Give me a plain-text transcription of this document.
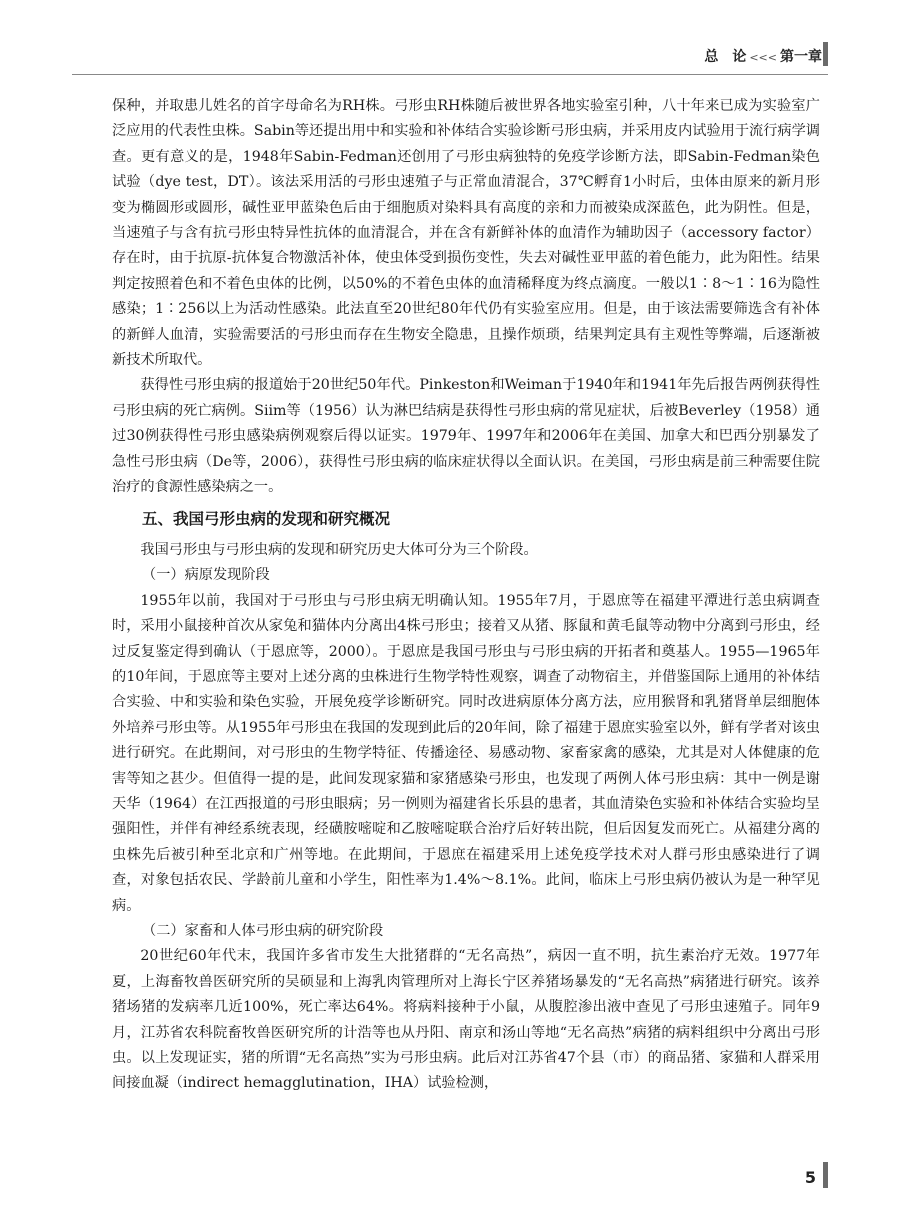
总　论 <<< 第一章

保种，并取患儿姓名的首字母命名为RH株。弓形虫RH株随后被世界各地实验室引种，八十年来已成为实验室广泛应用的代表性虫株。Sabin等还提出用中和实验和补体结合实验诊断弓形虫病，并采用皮内试验用于流行病学调查。更有意义的是，1948年Sabin-Fedman还创用了弓形虫病独特的免疫学诊断方法，即Sabin-Fedman染色试验（dye test，DT）。该法采用活的弓形虫速殖子与正常血清混合，37℃孵育1小时后，虫体由原来的新月形变为椭圆形或圆形，碱性亚甲蓝染色后由于细胞质对染料具有高度的亲和力而被染成深蓝色，此为阴性。但是，当速殖子与含有抗弓形虫特异性抗体的血清混合，并在含有新鲜补体的血清作为辅助因子（accessory factor）存在时，由于抗原-抗体复合物激活补体，使虫体受到损伤变性，失去对碱性亚甲蓝的着色能力，此为阳性。结果判定按照着色和不着色虫体的比例，以50%的不着色虫体的血清稀释度为终点滴度。一般以1∶8～1∶16为隐性感染；1∶256以上为活动性感染。此法直至20世纪80年代仍有实验室应用。但是，由于该法需要筛选含有补体的新鲜人血清，实验需要活的弓形虫而存在生物安全隐患，且操作烦琐，结果判定具有主观性等弊端，后逐渐被新技术所取代。

获得性弓形虫病的报道始于20世纪50年代。Pinkeston和Weiman于1940年和1941年先后报告两例获得性弓形虫病的死亡病例。Siim等（1956）认为淋巴结病是获得性弓形虫病的常见症状，后被Beverley（1958）通过30例获得性弓形虫感染病例观察后得以证实。1979年、1997年和2006年在美国、加拿大和巴西分别暴发了急性弓形虫病（De等，2006），获得性弓形虫病的临床症状得以全面认识。在美国，弓形虫病是前三种需要住院治疗的食源性感染病之一。

五、我国弓形虫病的发现和研究概况

我国弓形虫与弓形虫病的发现和研究历史大体可分为三个阶段。

（一）病原发现阶段

1955年以前，我国对于弓形虫与弓形虫病无明确认知。1955年7月，于恩庶等在福建平潭进行恙虫病调查时，采用小鼠接种首次从家兔和猫体内分离出4株弓形虫；接着又从猪、豚鼠和黄毛鼠等动物中分离到弓形虫，经过反复鉴定得到确认（于恩庶等，2000）。于恩庶是我国弓形虫与弓形虫病的开拓者和奠基人。1955—1965年的10年间，于恩庶等主要对上述分离的虫株进行生物学特性观察，调查了动物宿主，并借鉴国际上通用的补体结合实验、中和实验和染色实验，开展免疫学诊断研究。同时改进病原体分离方法，应用猴肾和乳猪肾单层细胞体外培养弓形虫等。从1955年弓形虫在我国的发现到此后的20年间，除了福建于恩庶实验室以外，鲜有学者对该虫进行研究。在此期间，对弓形虫的生物学特征、传播途径、易感动物、家畜家禽的感染，尤其是对人体健康的危害等知之甚少。但值得一提的是，此间发现家猫和家猪感染弓形虫，也发现了两例人体弓形虫病：其中一例是谢天华（1964）在江西报道的弓形虫眼病；另一例则为福建省长乐县的患者，其血清染色实验和补体结合实验均呈强阳性，并伴有神经系统表现，经磺胺嘧啶和乙胺嘧啶联合治疗后好转出院，但后因复发而死亡。从福建分离的虫株先后被引种至北京和广州等地。在此期间，于恩庶在福建采用上述免疫学技术对人群弓形虫感染进行了调查，对象包括农民、学龄前儿童和小学生，阳性率为1.4%～8.1%。此间，临床上弓形虫病仍被认为是一种罕见病。

（二）家畜和人体弓形虫病的研究阶段

20世纪60年代末，我国许多省市发生大批猪群的“无名高热”，病因一直不明，抗生素治疗无效。1977年夏，上海畜牧兽医研究所的吴硕显和上海乳肉管理所对上海长宁区养猪场暴发的“无名高热”病猪进行研究。该养猪场猪的发病率几近100%，死亡率达64%。将病料接种于小鼠，从腹腔渗出液中查见了弓形虫速殖子。同年9月，江苏省农科院畜牧兽医研究所的计浩等也从丹阳、南京和汤山等地“无名高热”病猪的病料组织中分离出弓形虫。以上发现证实，猪的所谓“无名高热”实为弓形虫病。此后对江苏省47个县（市）的商品猪、家猫和人群采用间接血凝（indirect hemagglutination，IHA）试验检测，

5
